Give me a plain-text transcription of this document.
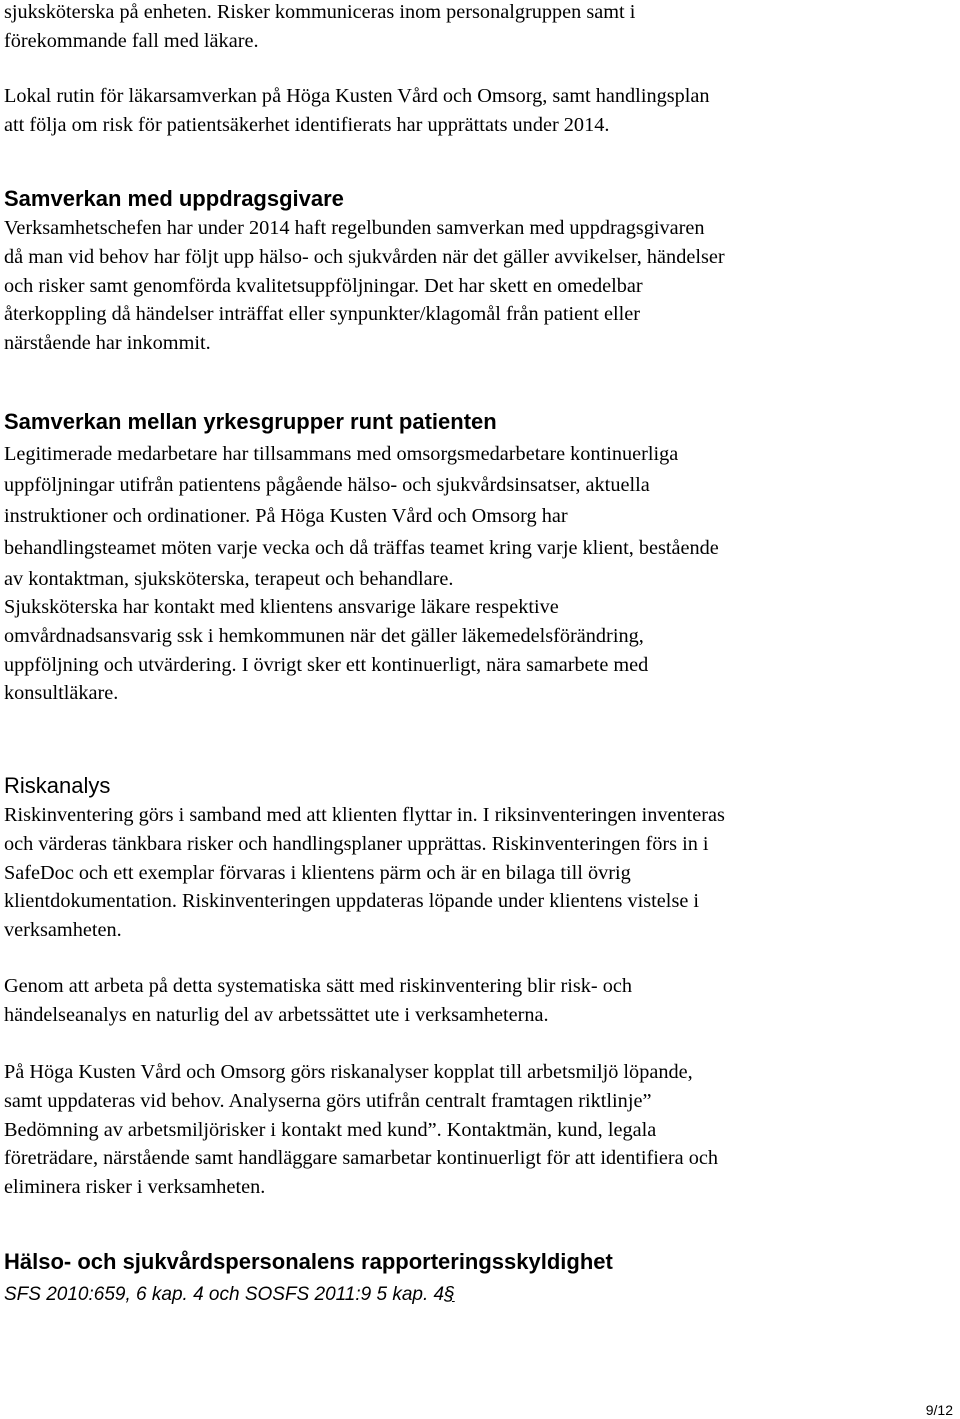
sjuksköterska på enheten. Risker kommuniceras inom personalgruppen samt i
förekommande fall med läkare.

Lokal rutin för läkarsamverkan på Höga Kusten Vård och Omsorg, samt handlingsplan
att följa om risk för patientsäkerhet identifierats har upprättats under 2014.

Samverkan med uppdragsgivare

Verksamhetschefen har under 2014 haft regelbunden samverkan med uppdragsgivaren
då man vid behov har följt upp hälso- och sjukvården när det gäller avvikelser, händelser
och risker samt genomförda kvalitetsuppföljningar. Det har skett en omedelbar
återkoppling då händelser inträffat eller synpunkter/klagomål från patient eller
närstående har inkommit.

Samverkan mellan yrkesgrupper runt patienten

Legitimerade medarbetare har tillsammans med omsorgsmedarbetare kontinuerliga
uppföljningar utifrån patientens pågående hälso- och sjukvårdsinsatser, aktuella
instruktioner och ordinationer. På Höga Kusten Vård och Omsorg har
behandlingsteamet möten varje vecka och då träffas teamet kring varje klient, bestående
av kontaktman, sjuksköterska, terapeut och behandlare.

Sjuksköterska har kontakt med klientens ansvarige läkare respektive
omvårdnadsansvarig ssk i hemkommunen när det gäller läkemedelsförändring,
uppföljning och utvärdering. I övrigt sker ett kontinuerligt, nära samarbete med
konsultläkare.

Riskanalys

Riskinventering görs i samband med att klienten flyttar in. I riksinventeringen inventeras
och värderas tänkbara risker och handlingsplaner upprättas. Riskinventeringen förs in i
SafeDoc och ett exemplar förvaras i klientens pärm och är en bilaga till övrig
klientdokumentation. Riskinventeringen uppdateras löpande under klientens vistelse i
verksamheten.

Genom att arbeta på detta systematiska sätt med riskinventering blir risk- och
händelseanalys en naturlig del av arbetssättet ute i verksamheterna.

På Höga Kusten Vård och Omsorg görs riskanalyser kopplat till arbetsmiljö löpande,
samt uppdateras vid behov. Analyserna görs utifrån centralt framtagen riktlinje”
Bedömning av arbetsmiljörisker i kontakt med kund”. Kontaktmän, kund, legala
företrädare, närstående samt handläggare samarbetar kontinuerligt för att identifiera och
eliminera risker i verksamheten.

Hälso- och sjukvårdspersonalens rapporteringsskyldighet

SFS 2010:659, 6 kap. 4 och SOSFS 2011:9 5 kap. 4§

9/12
